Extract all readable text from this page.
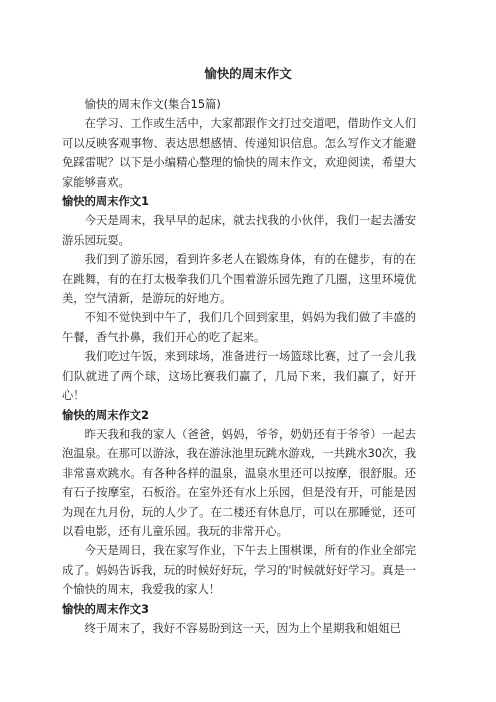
愉快的周末作文

愉快的周末作文(集合15篇)

在学习、工作或生活中，大家都跟作文打过交道吧，借助作文人们可以反映客观事物、表达思想感情、传递知识信息。怎么写作文才能避免踩雷呢？以下是小编精心整理的愉快的周末作文，欢迎阅读，希望大家能够喜欢。

愉快的周末作文1

今天是周末，我早早的起床，就去找我的小伙伴，我们一起去潘安游乐园玩耍。

我们到了游乐园，看到许多老人在锻炼身体，有的在健步，有的在在跳舞，有的在打太极拳我们几个围着游乐园先跑了几圈，这里环境优美，空气清新，是游玩的好地方。

不知不觉快到中午了，我们几个回到家里，妈妈为我们做了丰盛的午餐，香气扑鼻，我们开心的吃了起来。

我们吃过午饭，来到球场，准备进行一场篮球比赛，过了一会儿我们队就进了两个球，这场比赛我们赢了，几局下来，我们赢了，好开心！

愉快的周末作文2

昨天我和我的家人（爸爸，妈妈，爷爷，奶奶还有于爷爷）一起去泡温泉。在那可以游泳，我在游泳池里玩跳水游戏，一共跳水30次，我非常喜欢跳水。有各种各样的温泉，温泉水里还可以按摩，很舒服。还有石子按摩室，石板浴。在室外还有水上乐园，但是没有开，可能是因为现在九月份，玩的人少了。在二楼还有休息厅，可以在那睡觉，还可以看电影，还有儿童乐园。我玩的非常开心。

今天是周日，我在家写作业，下午去上围棋课，所有的作业全部完成了。妈妈告诉我，玩的时候好好玩，学习的'时候就好好学习。真是一个愉快的周末，我爱我的家人！

愉快的周末作文3

终于周末了，我好不容易盼到这一天，因为上个星期我和姐姐已
